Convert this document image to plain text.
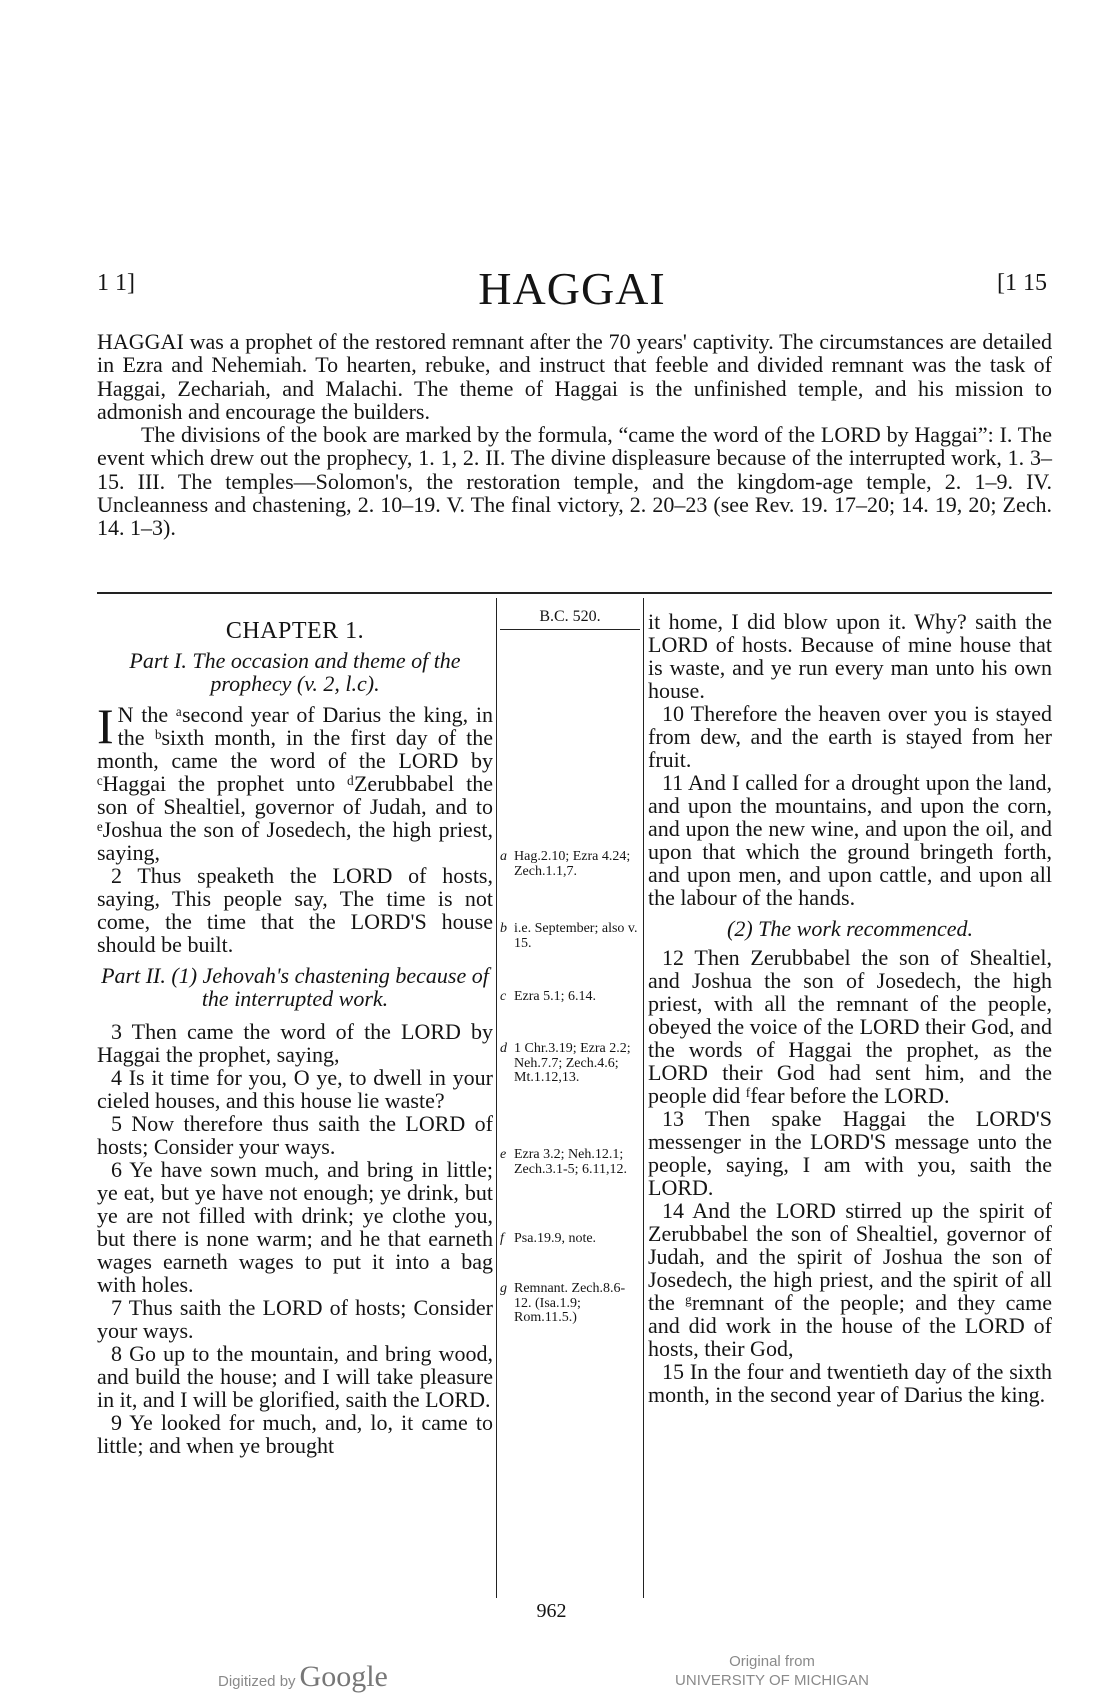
1 1]	HAGGAI	[1 15

HAGGAI was a prophet of the restored remnant after the 70 years' captivity. The circumstances are detailed in Ezra and Nehemiah. To hearten, rebuke, and instruct that feeble and divided remnant was the task of Haggai, Zechariah, and Malachi. The theme of Haggai is the unfinished temple, and his mission to admonish and encourage the builders.

The divisions of the book are marked by the formula, “came the word of the LORD by Haggai”: I. The event which drew out the prophecy, 1. 1, 2. II. The divine displeasure because of the interrupted work, 1. 3–15. III. The temples—Solomon's, the restoration temple, and the kingdom-age temple, 2. 1–9. IV. Uncleanness and chastening, 2. 10–19. V. The final victory, 2. 20–23 (see Rev. 19. 17–20; 14. 19, 20; Zech. 14. 1–3).

CHAPTER 1.

Part I. The occasion and theme of the prophecy (v. 2, l.c).

I N the ᵃsecond year of Darius the king, in the ᵇsixth month, in the first day of the month, came the word of the LORD by ᶜHaggai the prophet unto ᵈZerubbabel the son of Shealtiel, governor of Judah, and to ᵉJoshua the son of Josedech, the high priest, saying,

2 Thus speaketh the LORD of hosts, saying, This people say, The time is not come, the time that the LORD'S house should be built.

Part II. (1) Jehovah's chastening because of the interrupted work.

3 Then came the word of the LORD by Haggai the prophet, saying,

4 Is it time for you, O ye, to dwell in your cieled houses, and this house lie waste?

5 Now therefore thus saith the LORD of hosts; Consider your ways.

6 Ye have sown much, and bring in little; ye eat, but ye have not enough; ye drink, but ye are not filled with drink; ye clothe you, but there is none warm; and he that earneth wages earneth wages to put it into a bag with holes.

7 Thus saith the LORD of hosts; Consider your ways.

8 Go up to the mountain, and bring wood, and build the house; and I will take pleasure in it, and I will be glorified, saith the LORD.

9 Ye looked for much, and, lo, it came to little; and when ye brought

B.C. 520.
a Hag.2.10; Ezra 4.24; Zech.1.1,7.
b i.e. September; also v. 15.
c Ezra 5.1; 6.14.
d 1 Chr.3.19; Ezra 2.2; Neh.7.7; Zech.4.6; Mt.1.12,13.
e Ezra 3.2; Neh.12.1; Zech.3.1-5; 6.11,12.
f Psa.19.9, note.
g Remnant. Zech.8.6-12. (Isa.1.9; Rom.11.5.)

it home, I did blow upon it. Why? saith the LORD of hosts. Because of mine house that is waste, and ye run every man unto his own house.

10 Therefore the heaven over you is stayed from dew, and the earth is stayed from her fruit.

11 And I called for a drought upon the land, and upon the mountains, and upon the corn, and upon the new wine, and upon the oil, and upon that which the ground bringeth forth, and upon men, and upon cattle, and upon all the labour of the hands.

(2) The work recommenced.

12 Then Zerubbabel the son of Shealtiel, and Joshua the son of Josedech, the high priest, with all the remnant of the people, obeyed the voice of the LORD their God, and the words of Haggai the prophet, as the LORD their God had sent him, and the people did ᶠfear before the LORD.

13 Then spake Haggai the LORD'S messenger in the LORD'S message unto the people, saying, I am with you, saith the LORD.

14 And the LORD stirred up the spirit of Zerubbabel the son of Shealtiel, governor of Judah, and the spirit of Joshua the son of Josedech, the high priest, and the spirit of all the ᵍremnant of the people; and they came and did work in the house of the LORD of hosts, their God,

15 In the four and twentieth day of the sixth month, in the second year of Darius the king.

962
Digitized by Google	Original from
UNIVERSITY OF MICHIGAN
